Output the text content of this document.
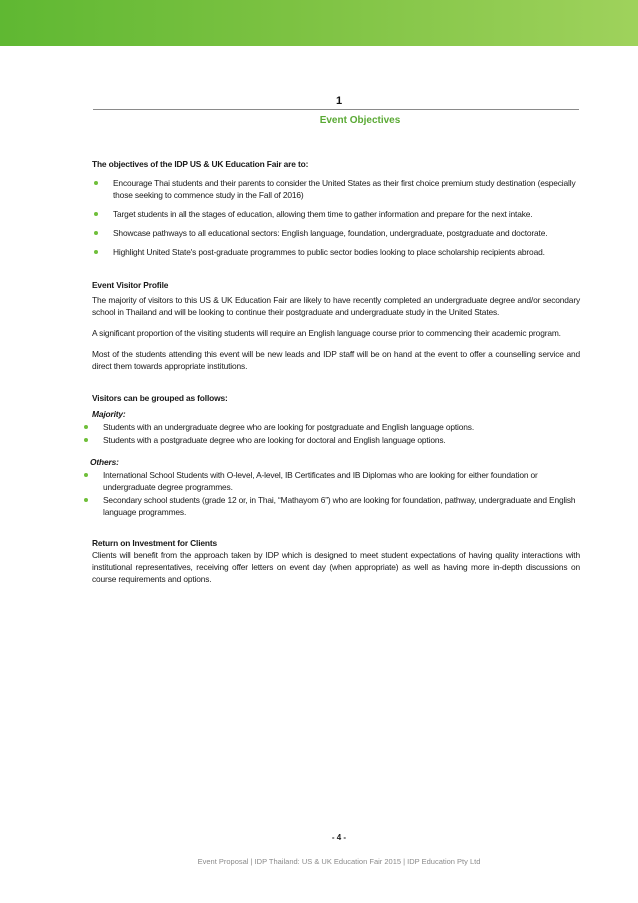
1
Event Objectives

The objectives of the IDP US & UK Education Fair are to:

Encourage Thai students and their parents to consider the United States as their first choice premium study destination (especially those seeking to commence study in the Fall of 2016)
Target students in all the stages of education, allowing them time to gather information and prepare for the next intake.
Showcase pathways to all educational sectors: English language, foundation, undergraduate, postgraduate and doctorate.
Highlight United State's post-graduate programmes to public sector bodies looking to place scholarship recipients abroad.

Event Visitor Profile

The majority of visitors to this US & UK Education Fair are likely to have recently completed an undergraduate degree and/or secondary school in Thailand and will be looking to continue their postgraduate and undergraduate study in the United States.

A significant proportion of the visiting students will require an English language course prior to commencing their academic program.

Most of the students attending this event will be new leads and IDP staff will be on hand at the event to offer a counselling service and direct them towards appropriate institutions.

Visitors can be grouped as follows:

Majority:

Students with an undergraduate degree who are looking for postgraduate and English language options.
Students with a postgraduate degree who are looking for doctoral and English language options.

Others:

International School Students with O-level, A-level, IB Certificates and IB Diplomas who are looking for either foundation or undergraduate degree programmes.
Secondary school students (grade 12 or, in Thai, “Mathayom 6”) who are looking for foundation, pathway, undergraduate and English language programmes.

Return on Investment for Clients

Clients will benefit from the approach taken by IDP which is designed to meet student expectations of having quality interactions with institutional representatives, receiving offer letters on event day (when appropriate) as well as having more in-depth discussions on course requirements and options.

- 4 -
Event Proposal | IDP Thailand: US & UK Education Fair 2015 | IDP Education Pty Ltd
